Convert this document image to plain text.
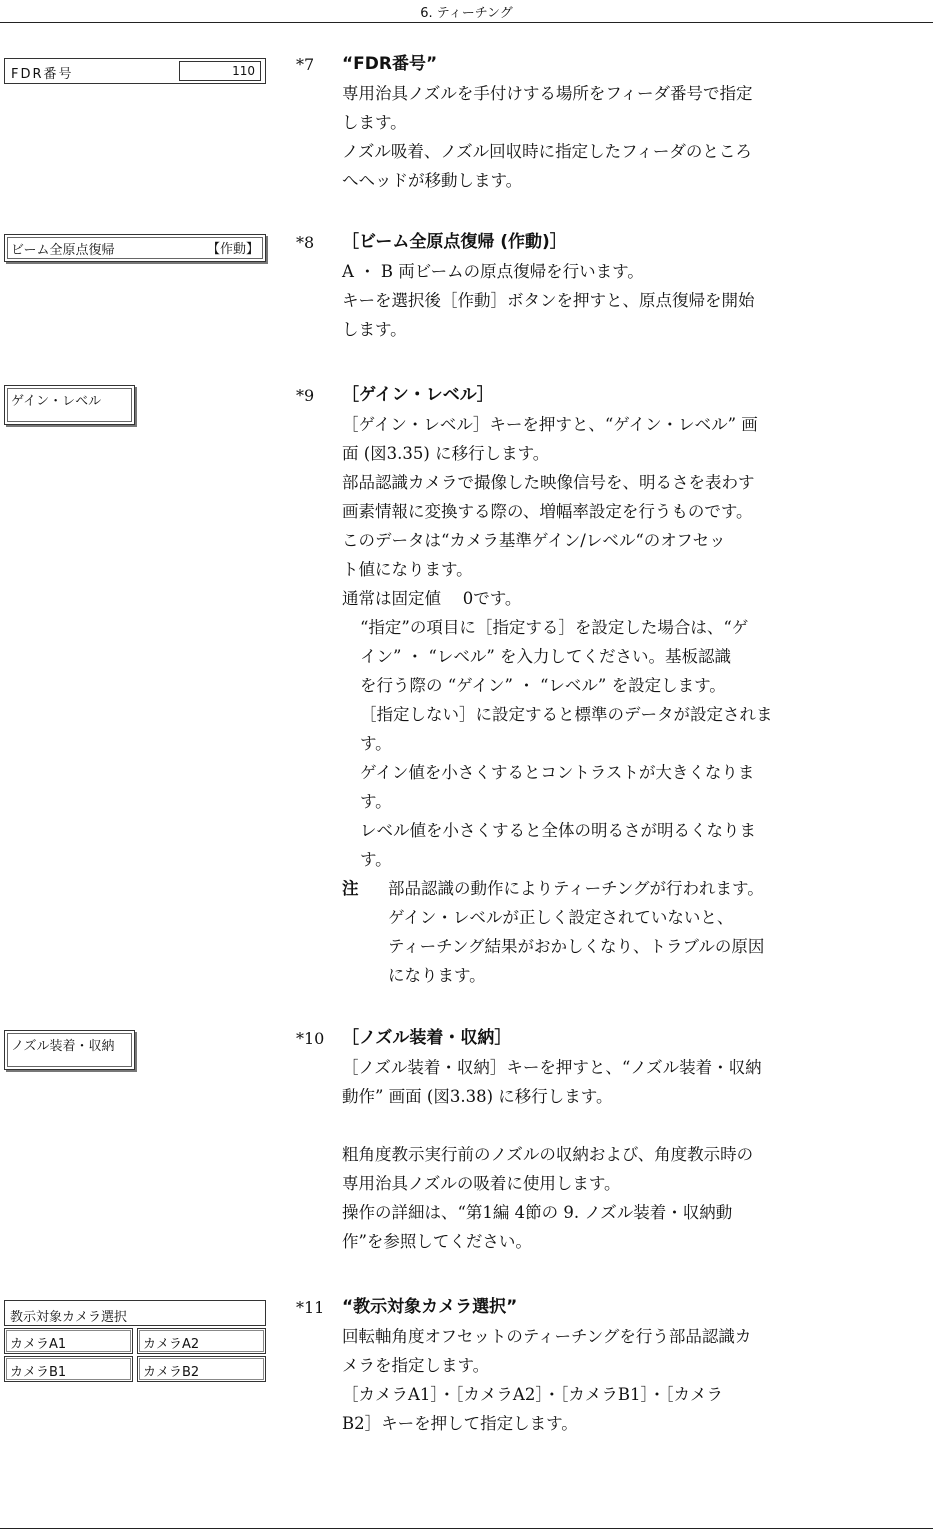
6. ティーチング
FDR番号	110
ビーム全原点復帰	【作動】
ゲイン・レベル
ノズル装着・収納
教示対象カメラ選択
カメラA1	カメラA2
カメラB1	カメラB2
*7 “FDR番号”

専用治具ノズルを手付けする場所をフィーダ番号で指定

します。

ノズル吸着、ノズル回収時に指定したフィーダのところ

へヘッドが移動します。

*8 ［ビーム全原点復帰 (作動)］

A ・ B 両ビームの原点復帰を行います。

キーを選択後［作動］ボタンを押すと、原点復帰を開始

します。

*9 ［ゲイン・レベル］

［ゲイン・レベル］キーを押すと、“ゲイン・レベル” 画

面 (図3.35) に移行します。

部品認識カメラで撮像した映像信号を、明るさを表わす

画素情報に変換する際の、増幅率設定を行うものです。

このデータは“カメラ基準ゲイン/レベル“のオフセッ

ト値になります。

通常は固定値　 0です。

“指定”の項目に［指定する］を設定した場合は、“ゲ

イン” ・ “レベル” を入力してください。基板認識

を行う際の “ゲイン” ・ “レベル” を設定します。

［指定しない］に設定すると標準のデータが設定されま

す。

ゲイン値を小さくするとコントラストが大きくなりま

す。

レベル値を小さくすると全体の明るさが明るくなりま

す。

注 部品認識の動作によりティーチングが行われます。

ゲイン・レベルが正しく設定されていないと、

ティーチング結果がおかしくなり、トラブルの原因

になります。

*10 ［ノズル装着・収納］

［ノズル装着・収納］キーを押すと、“ノズル装着・収納

動作” 画面 (図3.38) に移行します。

粗角度教示実行前のノズルの収納および、角度教示時の

専用治具ノズルの吸着に使用します。

操作の詳細は、“第1編 4節の 9. ノズル装着・収納動

作”を参照してください。

*11 “教示対象カメラ選択”

回転軸角度オフセットのティーチングを行う部品認識カ

メラを指定します。

［カメラA1］・［カメラA2］・［カメラB1］・［カメラ

B2］キーを押して指定します。
